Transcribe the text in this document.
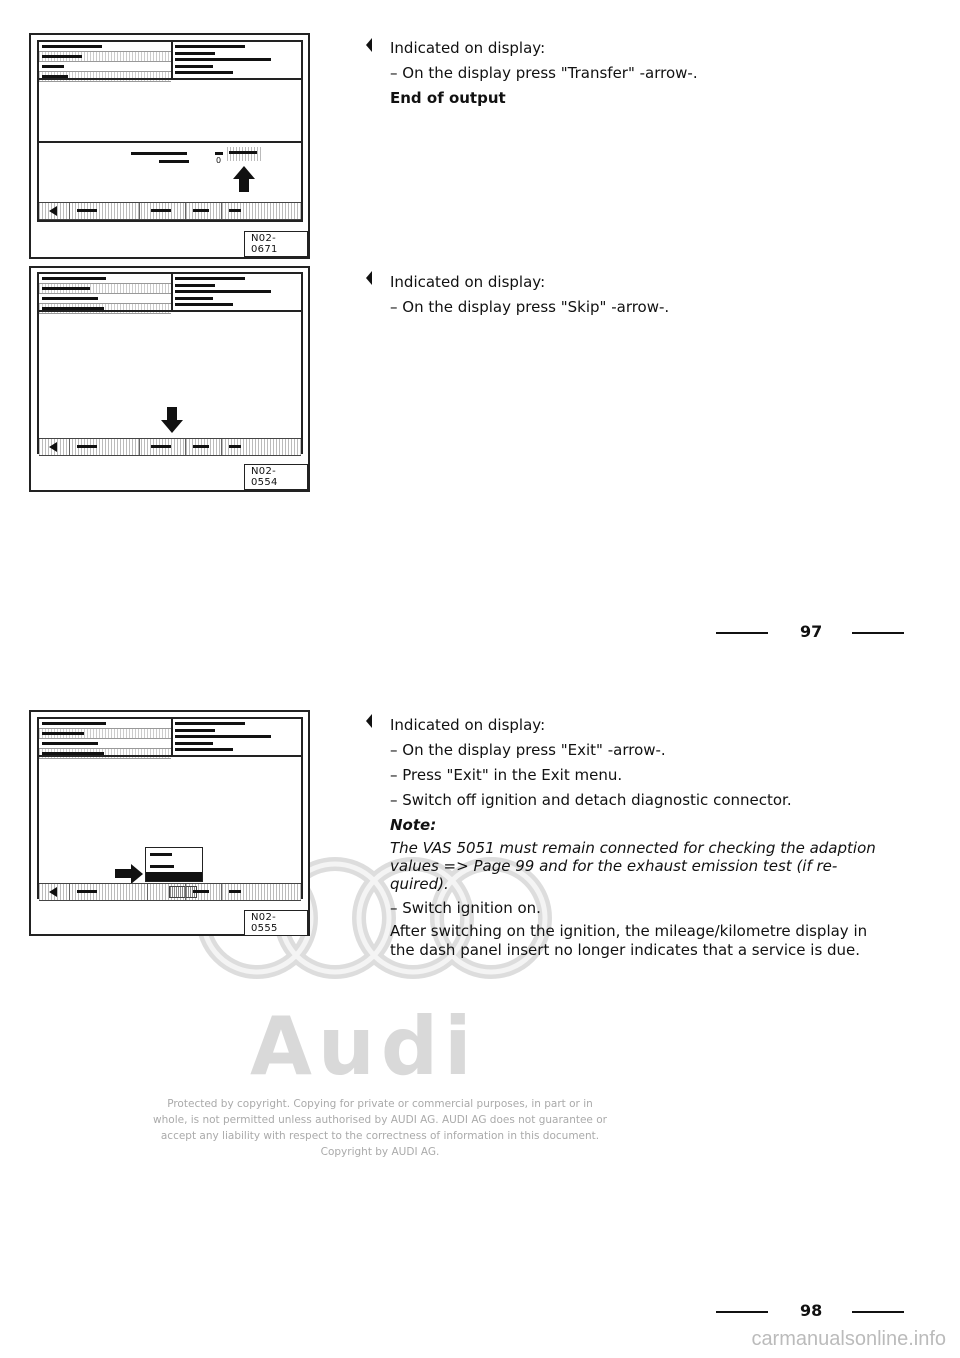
0
N02-0671

Indicated on display:

– On the display press "Transfer" -arrow-.

End of output

N02-0554

Indicated on display:

– On the display press "Skip" -arrow-.

97
Audi
Protected by copyright. Copying for private or commercial purposes, in part or in whole, is not permitted unless authorised by AUDI AG. AUDI AG does not guarantee or accept any liability with respect to the correctness of information in this document. Copyright by AUDI AG.
N02-0555

Indicated on display:

– On the display press "Exit" -arrow-.

– Press "Exit" in the Exit menu.

– Switch off ignition and detach diagnostic connector.

Note:

The VAS 5051 must remain connected for checking the adaption values => Page 99 and for the exhaust emission test (if re-quired).

– Switch ignition on.

After switching on the ignition, the mileage/kilometre display in the dash panel insert no longer indicates that a service is due.

98
carmanualsonline.info
